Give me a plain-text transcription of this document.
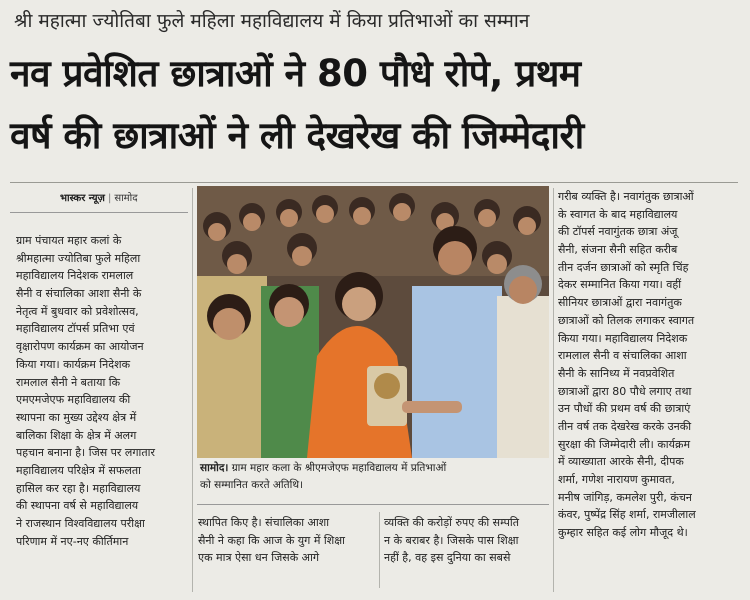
श्री महात्मा ज्योतिबा फुले महिला महाविद्यालय में किया प्रतिभाओं का सम्मान
नव प्रवेशित छात्राओं ने 80 पौधे रोपे, प्रथम
वर्ष की छात्राओं ने ली देखरेख की जिम्मेदारी
भास्कर न्यूज़ | सामोद
ग्राम पंचायत महार कलां के
श्रीमहात्मा ज्योतिबा फुले महिला
महाविद्यालय निदेशक रामलाल
सैनी व संचालिका आशा सैनी के
नेतृत्व में बुधवार को प्रवेशोत्सव,
महाविद्यालय टॉपर्स प्रतिभा एवं
वृक्षारोपण कार्यक्रम का आयोजन
किया गया। कार्यक्रम निदेशक
रामलाल सैनी ने बताया कि
एमएमजेएफ महाविद्यालय की
स्थापना का मुख्य उद्देश्य क्षेत्र में
बालिका शिक्षा के क्षेत्र में अलग
पहचान बनाना है। जिस पर लगातार
महाविद्यालय परिक्षेत्र में सफलता
हासिल कर रहा है। महाविद्यालय
की स्थापना वर्ष से महाविद्यालय
ने राजस्थान विश्वविद्यालय परीक्षा
परिणाम में नए-नए कीर्तिमान
सामोद। ग्राम महार कला के श्रीएमजेएफ महाविद्यालय में प्रतिभाओं
को सम्मानित करते अतिथि।
स्थापित किए है। संचालिका आशा
सैनी ने कहा कि आज के युग में शिक्षा
एक मात्र ऐसा धन जिसके आगे
व्यक्ति की करोड़ों रुपए की सम्पति
न के बराबर है। जिसके पास शिक्षा
नहीं है, वह इस दुनिया का सबसे
गरीब व्यक्ति है। नवागंतुक छात्राओं
के स्वागत के बाद महाविद्यालय
की टॉपर्स नवागुंतक छात्रा अंजू
सैनी, संजना सैनी सहित करीब
तीन दर्जन छात्राओं को स्मृति चिंह
देकर सम्मानित किया गया। वहीं
सीनियर छात्राओं द्वारा नवागंतुक
छात्राओं को तिलक लगाकर स्वागत
किया गया। महाविद्यालय निदेशक
रामलाल सैनी व संचालिका आशा
सैनी के सानिध्य में नवप्रवेशित
छात्राओं द्वारा 80 पौधे लगाए तथा
उन पौधों की प्रथम वर्ष की छात्राएं
तीन वर्ष तक देखरेख करके उनकी
सुरक्षा की जिम्मेदारी ली। कार्यक्रम
में व्याख्याता आरके सैनी, दीपक
शर्मा, गणेश नारायण कुमावत,
मनीष जांगिड़, कमलेश पुरी, कंचन
कंवर, पुष्पेंद्र सिंह शर्मा, रामजीलाल
कुम्हार सहित कई लोग मौजूद थे।
